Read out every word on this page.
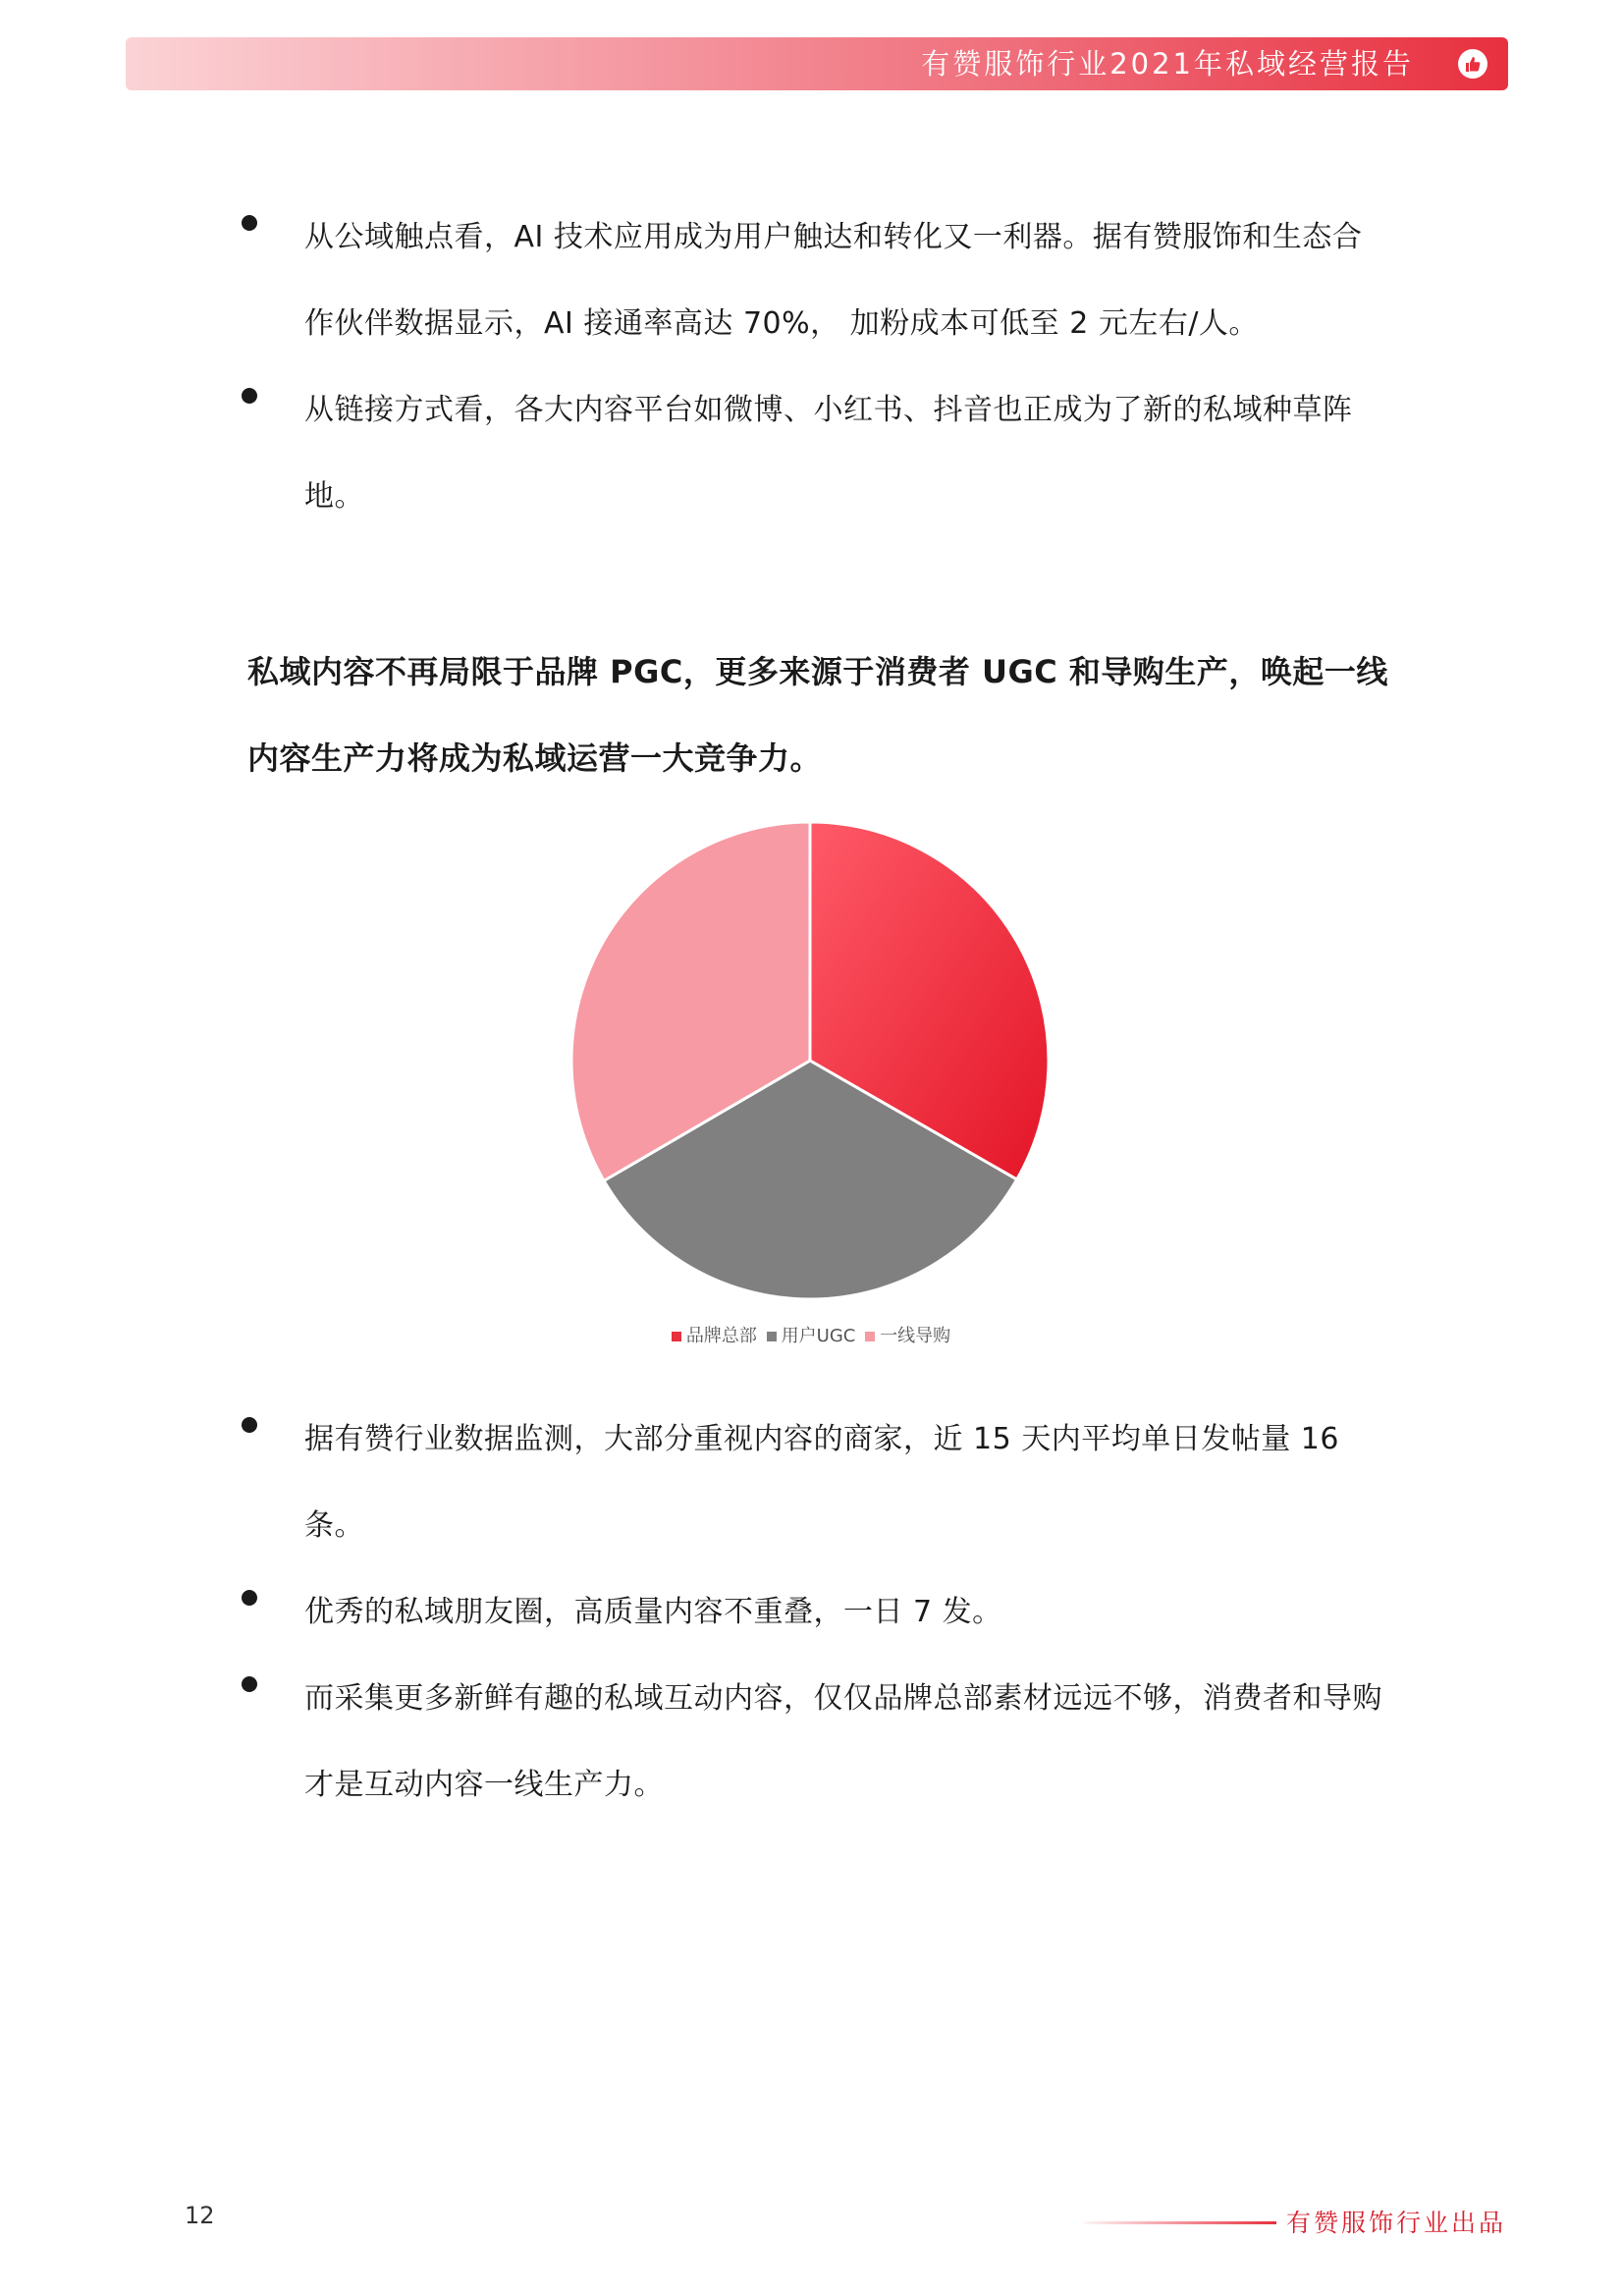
有赞服饰行业2021年私域经营报告
从公域触点看，AI 技术应用成为用户触达和转化又一利器。据有赞服饰和生态合作伙伴数据显示，AI 接通率高达 70%， 加粉成本可低至 2 元左右/人。
从链接方式看，各大内容平台如微博、小红书、抖音也正成为了新的私域种草阵地。
私域内容不再局限于品牌 PGC，更多来源于消费者 UGC 和导购生产，唤起一线内容生产力将成为私域运营一大竞争力。
品牌总部 用户UGC 一线导购
据有赞行业数据监测，大部分重视内容的商家，近 15 天内平均单日发帖量 16 条。
优秀的私域朋友圈，高质量内容不重叠，一日 7 发。
而采集更多新鲜有趣的私域互动内容，仅仅品牌总部素材远远不够，消费者和导购才是互动内容一线生产力。
12	有赞服饰行业出品
